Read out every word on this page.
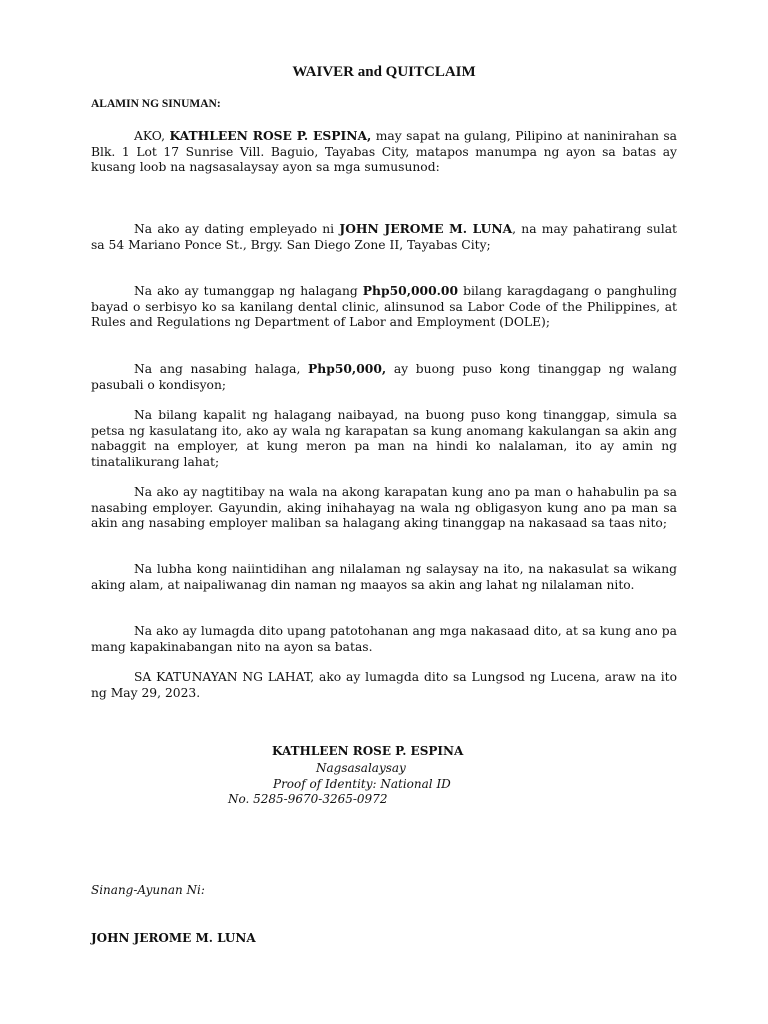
WAIVER and QUITCLAIM

ALAMIN NG SINUMAN:

AKO, KATHLEEN ROSE P. ESPINA, may sapat na gulang, Pilipino at naninirahan sa Blk. 1 Lot 17 Sunrise Vill. Baguio, Tayabas City, matapos manumpa ng ayon sa batas ay kusang loob na nagsasalaysay ayon sa mga sumusunod:

Na ako ay dating empleyado ni JOHN JEROME M. LUNA, na may pahatirang sulat sa 54 Mariano Ponce St., Brgy. San Diego Zone II, Tayabas City;

Na ako ay tumanggap ng halagang Php50,000.00 bilang karagdagang o panghuling bayad o serbisyo ko sa kanilang dental clinic, alinsunod sa Labor Code of the Philippines, at Rules and Regulations ng Department of Labor and Employment (DOLE);

Na ang nasabing halaga, Php50,000, ay buong puso kong tinanggap ng walang pasubali o kondisyon;

Na bilang kapalit ng halagang naibayad, na buong puso kong tinanggap, simula sa petsa ng kasulatang ito, ako ay wala ng karapatan sa kung anomang kakulangan sa akin ang nabaggit na employer, at kung meron pa man na hindi ko nalalaman, ito ay amin ng tinatalikurang lahat;

Na ako ay nagtitibay na wala na akong karapatan kung ano pa man o hahabulin pa sa nasabing employer. Gayundin, aking inihahayag na wala ng obligasyon kung ano pa man sa akin ang nasabing employer maliban sa halagang aking tinanggap na nakasaad sa taas nito;

Na lubha kong naiintidihan ang nilalaman ng salaysay na ito, na nakasulat sa wikang aking alam, at naipaliwanag din naman ng maayos sa akin ang lahat ng nilalaman nito.

Na ako ay lumagda dito upang patotohanan ang mga nakasaad dito, at sa kung ano pa mang kapakinabangan nito na ayon sa batas.

SA KATUNAYAN NG LAHAT, ako ay lumagda dito sa Lungsod ng Lucena, araw na ito ng May 29, 2023.

KATHLEEN ROSE P. ESPINA

Nagsasalaysay

Proof of Identity: National ID

No. 5285-9670-3265-0972

Sinang-Ayunan Ni:

JOHN JEROME M. LUNA
